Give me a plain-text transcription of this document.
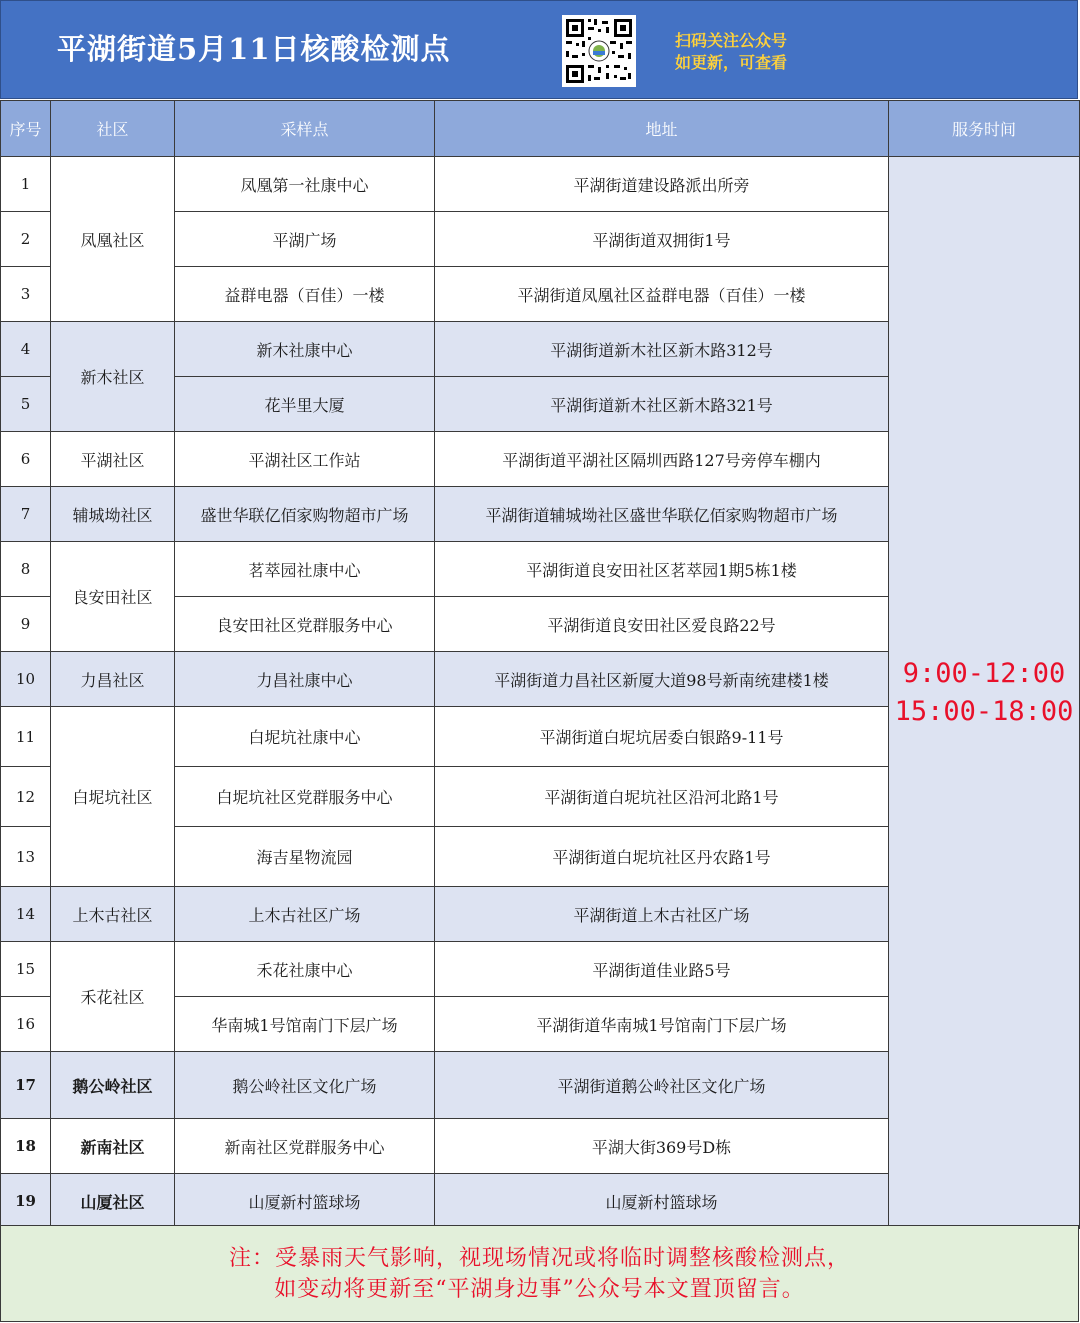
平湖街道5月11日核酸检测点	扫码关注公众号
如更新，可查看
序号	社区	采样点	地址	服务时间
1	凤凰社区	凤凰第一社康中心	平湖街道建设路派出所旁	9:00-12:00
15:00-18:00

2		平湖广场	平湖街道双拥街1号	
3		益群电器（百佳）一楼	平湖街道凤凰社区益群电器（百佳）一楼	
4	新木社区	新木社康中心	平湖街道新木社区新木路312号	
5		花半里大厦	平湖街道新木社区新木路321号	
6	平湖社区	平湖社区工作站	平湖街道平湖社区隔圳西路127号旁停车棚内	
7	辅城坳社区	盛世华联亿佰家购物超市广场	平湖街道辅城坳社区盛世华联亿佰家购物超市广场	
8	良安田社区	茗萃园社康中心	平湖街道良安田社区茗萃园1期5栋1楼	
9		良安田社区党群服务中心	平湖街道良安田社区爱良路22号	
10	力昌社区	力昌社康中心	平湖街道力昌社区新厦大道98号新南统建楼1楼	
11	白坭坑社区	白坭坑社康中心	平湖街道白坭坑居委白银路9-11号	
12		白坭坑社区党群服务中心	平湖街道白坭坑社区沿河北路1号	
13		海吉星物流园	平湖街道白坭坑社区丹农路1号	
14	上木古社区	上木古社区广场	平湖街道上木古社区广场	
15	禾花社区	禾花社康中心	平湖街道佳业路5号	
16		华南城1号馆南门下层广场	平湖街道华南城1号馆南门下层广场	
17	鹅公岭社区	鹅公岭社区文化广场	平湖街道鹅公岭社区文化广场	
18	新南社区	新南社区党群服务中心	平湖大街369号D栋	
19	山厦社区	山厦新村篮球场	山厦新村篮球场	
注：受暴雨天气影响，视现场情况或将临时调整核酸检测点，
如变动将更新至“平湖身边事”公众号本文置顶留言。
